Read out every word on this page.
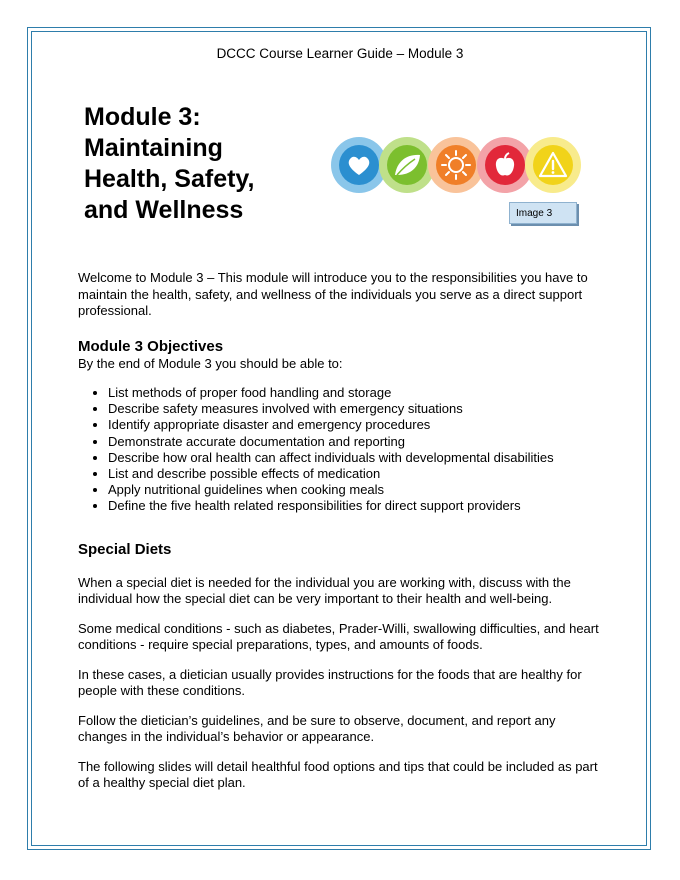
DCCC Course Learner Guide – Module 3
Module 3:
Maintaining
Health, Safety,
and Wellness	Image 3

Welcome to Module 3 – This module will introduce you to the responsibilities you have to maintain the health, safety, and wellness of the individuals you serve as a direct support professional.

Module 3 Objectives

By the end of Module 3 you should be able to:

• List methods of proper food handling and storage
• Describe safety measures involved with emergency situations
• Identify appropriate disaster and emergency procedures
• Demonstrate accurate documentation and reporting
• Describe how oral health can affect individuals with developmental disabilities
• List and describe possible effects of medication
• Apply nutritional guidelines when cooking meals
• Define the five health related responsibilities for direct support providers
Special Diets

When a special diet is needed for the individual you are working with, discuss with the individual how the special diet can be very important to their health and well-being.

Some medical conditions - such as diabetes, Prader-Willi, swallowing difficulties, and heart conditions - require special preparations, types, and amounts of foods.

In these cases, a dietician usually provides instructions for the foods that are healthy for people with these conditions.

Follow the dietician’s guidelines, and be sure to observe, document, and report any changes in the individual’s behavior or appearance.

The following slides will detail healthful food options and tips that could be included as part of a healthy special diet plan.
